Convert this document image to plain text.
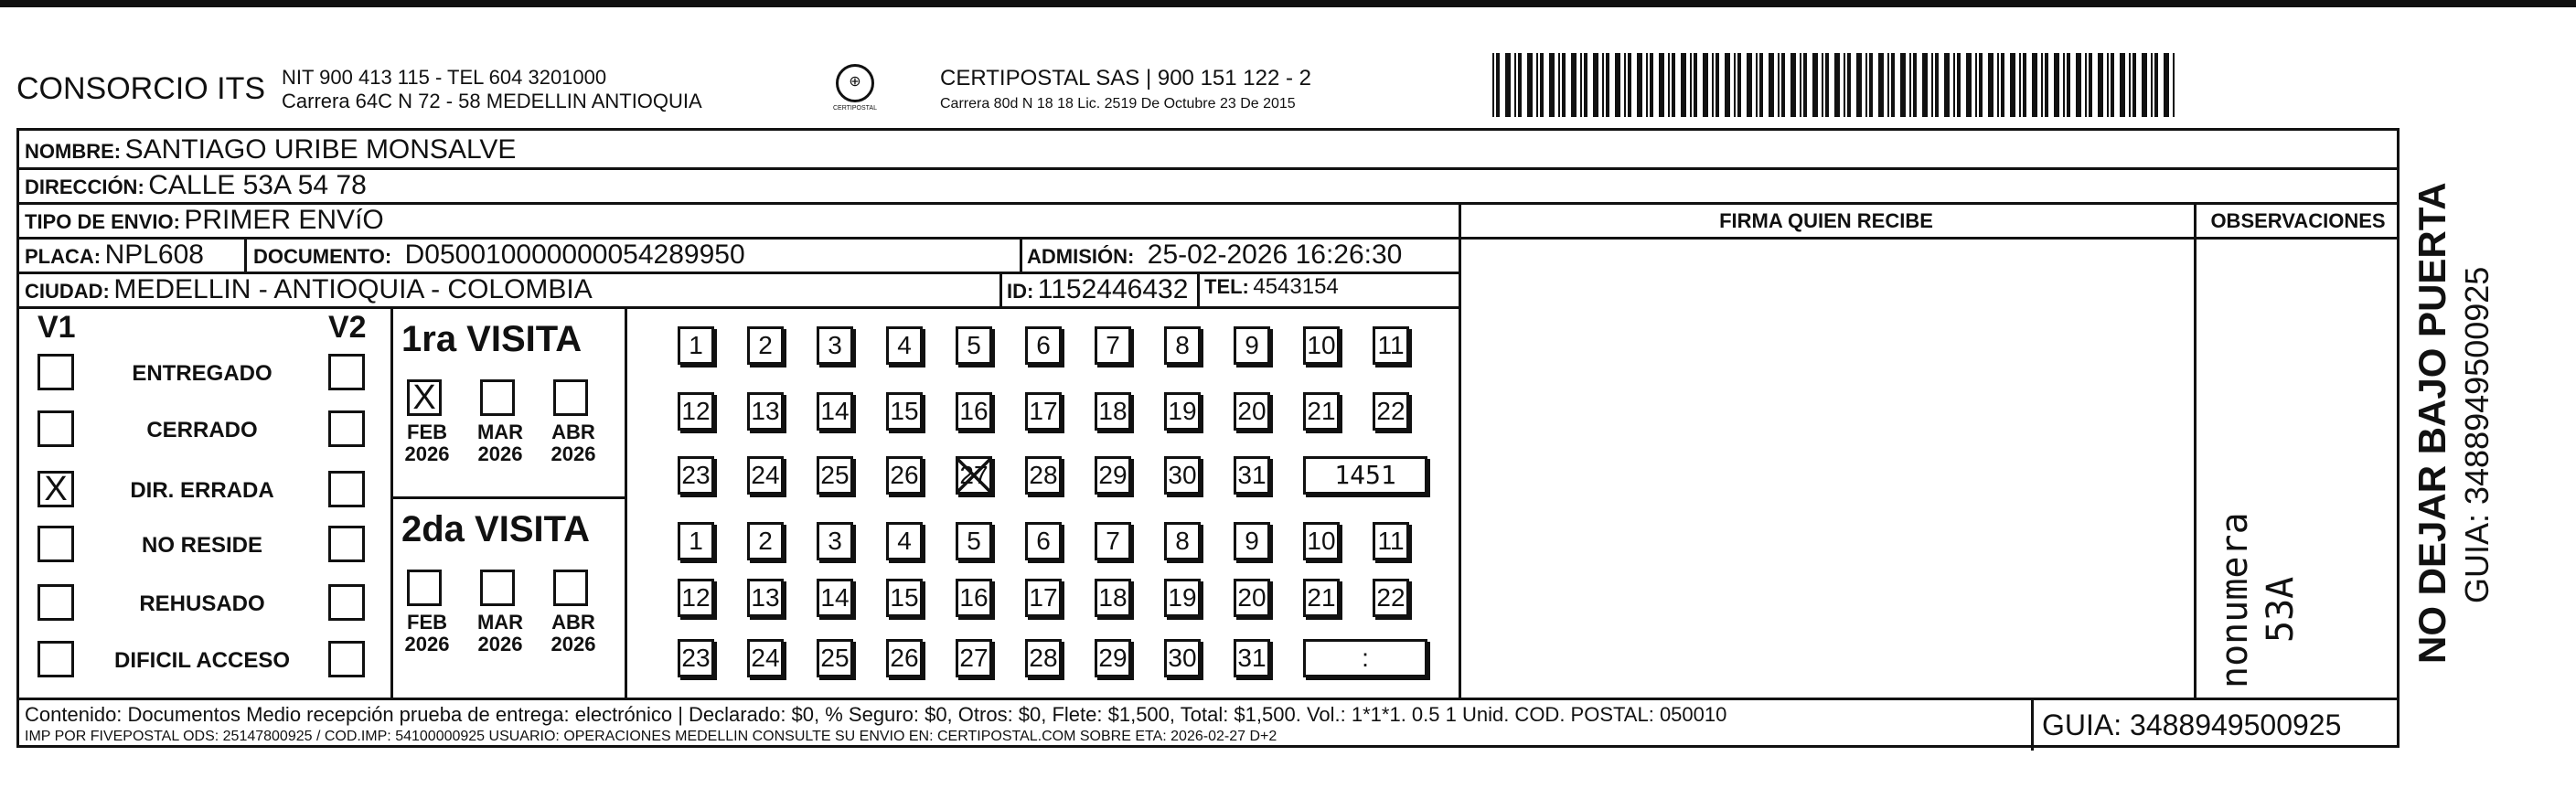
CONSORCIO ITS NIT 900 413 115 - TEL 604 3201000
Carrera 64C N 72 - 58 MEDELLIN ANTIOQUIA
⊕
CERTIPOSTAL
CERTIPOSTAL SAS | 900 151 122 - 2
Carrera 80d N 18 18 Lic. 2519 De Octubre 23 De 2015
NOMBRE: SANTIAGO URIBE MONSALVE
DIRECCIÓN: CALLE 53A 54 78
TIPO DE ENVIO: PRIMER ENVíO	FIRMA QUIEN RECIBE	OBSERVACIONES
PLACA: NPL608 DOCUMENTO: D050010000000054289950	ADMISIÓN: 25-02-2026 16:26:30
CIUDAD: MEDELLIN - ANTIOQUIA - COLOMBIA	ID: 1152446432 TEL: 4543154
V1	V2
ENTREGADO
CERRADO
X	DIR. ERRADA
NO RESIDE
REHUSADO
DIFICIL ACCESO
1ra VISITA
2da VISITA
X
FEB
2026
MAR
2026
ABR
2026
FEB
2026
MAR
2026
ABR
2026
1	2	3	4	5	6	7	8	9	10 11
12 13 14 15 16 17 18 19 20 21 22
23 24 25 26 27 28 29 30 31	1451
1	2	3	4	5	6	7	8	9	10 11
12 13 14 15 16 17 18 19 20 21 22
23 24 25 26 27 28 29 30 31	:	nonumera 53A
Contenido: Documentos Medio recepción prueba de entrega: electrónico | Declarado: $0, % Seguro: $0, Otros: $0, Flete: $1,500, Total: $1,500. Vol.: 1*1*1. 0.5 1 Unid. COD. POSTAL: 050010
IMP POR FIVEPOSTAL ODS: 25147800925 / COD.IMP: 54100000925 USUARIO: OPERACIONES MEDELLIN CONSULTE SU ENVIO EN: CERTIPOSTAL.COM SOBRE ETA: 2026-02-27 D+2	GUIA: 3488949500925
NO DEJAR BAJO PUERTA GUIA: 3488949500925
